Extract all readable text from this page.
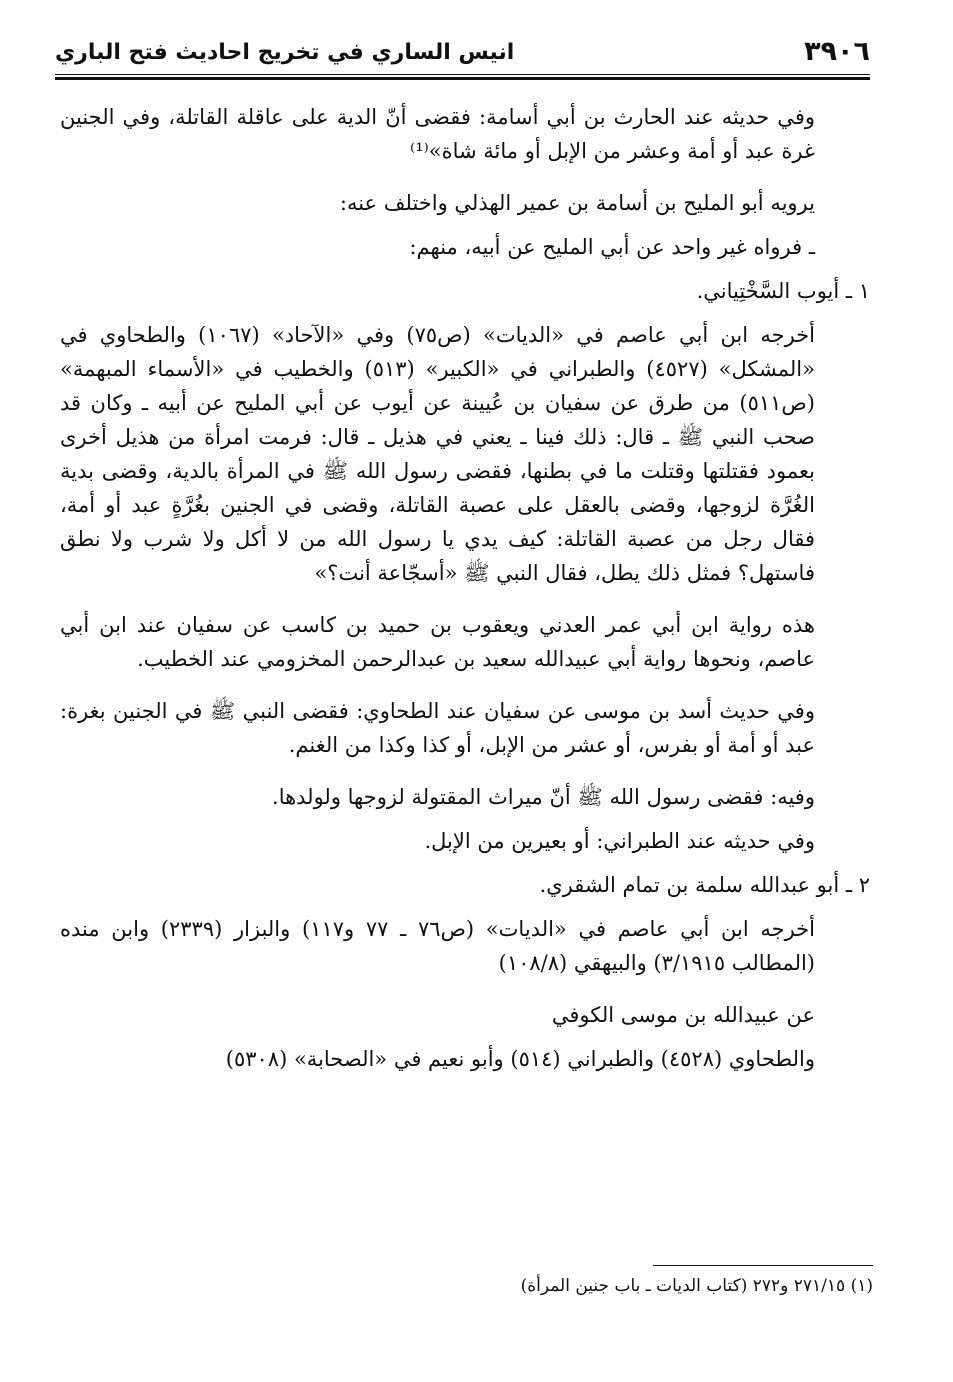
٣٩٠٦
انيس الساري في تخريج احاديث فتح الباري

وفي حديثه عند الحارث بن أبي أسامة: فقضى أنّ الدية على عاقلة القاتلة، وفي الجنين غرة عبد أو أمة وعشر من الإبل أو مائة شاة»⁽¹⁾

يرويه أبو المليح بن أسامة بن عمير الهذلي واختلف عنه:

ـ فرواه غير واحد عن أبي المليح عن أبيه، منهم:

١ ـ أيوب السَّخْتِياني.

أخرجه ابن أبي عاصم في «الديات» (ص٧٥) وفي «الآحاد» (١٠٦٧) والطحاوي في «المشكل» (٤٥٢٧) والطبراني في «الكبير» (٥١٣) والخطيب في «الأسماء المبهمة» (ص٥١١) من طرق عن سفيان بن عُيينة عن أيوب عن أبي المليح عن أبيه ـ وكان قد صحب النبي ﷺ ـ قال: ذلك فينا ـ يعني في هذيل ـ قال: فرمت امرأة من هذيل أخرى بعمود فقتلتها وقتلت ما في بطنها، فقضى رسول الله ﷺ في المرأة بالدية، وقضى بدية الغُرَّة لزوجها، وقضى بالعقل على عصبة القاتلة، وقضى في الجنين بغُرَّةٍ عبد أو أمة، فقال رجل من عصبة القاتلة: كيف يدي يا رسول الله من لا أكل ولا شرب ولا نطق فاستهل؟ فمثل ذلك يطل، فقال النبي ﷺ «أسجّاعة أنت؟»

هذه رواية ابن أبي عمر العدني ويعقوب بن حميد بن كاسب عن سفيان عند ابن أبي عاصم، ونحوها رواية أبي عبيدالله سعيد بن عبدالرحمن المخزومي عند الخطيب.

وفي حديث أسد بن موسى عن سفيان عند الطحاوي: فقضى النبي ﷺ في الجنين بغرة: عبد أو أمة أو بفرس، أو عشر من الإبل، أو كذا وكذا من الغنم.

وفيه: فقضى رسول الله ﷺ أنّ ميراث المقتولة لزوجها ولولدها.

وفي حديثه عند الطبراني: أو بعيرين من الإبل.

٢ ـ أبو عبدالله سلمة بن تمام الشقري.

أخرجه ابن أبي عاصم في «الديات» (ص٧٦ ـ ٧٧ و١١٧) والبزار (٢٣٣٩) وابن منده (المطالب ٣/١٩١٥) والبيهقي (١٠٨/٨)

عن عبيدالله بن موسى الكوفي

والطحاوي (٤٥٢٨) والطبراني (٥١٤) وأبو نعيم في «الصحابة» (٥٣٠٨)

(١) ٢٧١/١٥ و٢٧٢ (كتاب الديات ـ باب جنين المرأة)
